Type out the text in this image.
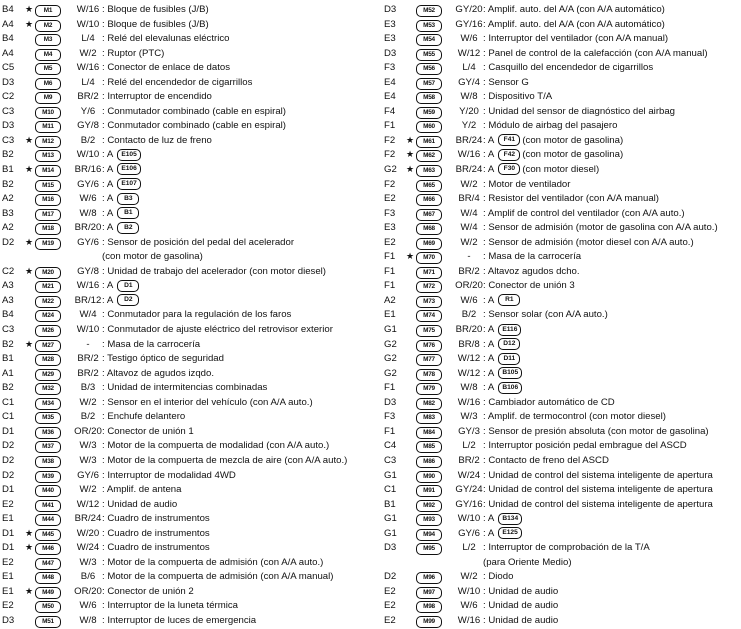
B4 ★	M1	W/16 : Bloque de fusibles (J/B)
A4 ★	M2	W/10 : Bloque de fusibles (J/B)
B4	M3	L/4 : Relé del elevalunas eléctrico
A4	M4	W/2 : Ruptor (PTC)
C5	M5	W/16 : Conector de enlace de datos
D3	M6	L/4 : Relé del encendedor de cigarrillos
C2	M9	BR/2 : Interruptor de encendido
C3	M10	Y/6 : Conmutador combinado (cable en espiral)
D3	M11	GY/8 : Conmutador combinado (cable en espiral)
C3 ★	M12	B/2 : Contacto de luz de freno
B2	M13	W/10 : A E105
B1 ★	M14	BR/16 : A E106
B2	M15	GY/6 : A E107
A2	M16	W/6 : A B3
B3	M17	W/8 : A B1
A2	M18	BR/20 : A B2
D2 ★	M19	GY/6 : Sensor de posición del pedal del acelerador
(con motor de gasolina)
C2 ★	M20	GY/8 : Unidad de trabajo del acelerador (con motor diesel)
A3	M21	W/16 : A D1
A3	M22	BR/12 : A D2
B4	M24	W/4 : Conmutador para la regulación de los faros
C3	M26	W/10 : Conmutador de ajuste eléctrico del retrovisor exterior
B2 ★	M27	-	: Masa de la carrocería
B1	M28	BR/2 : Testigo óptico de seguridad
A1	M29	BR/2 : Altavoz de agudos izqdo.
B2	M32	B/3 : Unidad de intermitencias combinadas
C1	M34	W/2 : Sensor en el interior del vehículo (con A/A auto.)
C1	M35	B/2 : Enchufe delantero
D1	M36	OR/20 : Conector de unión 1
D2	M37	W/3 : Motor de la compuerta de modalidad (con A/A auto.)
D2	M38	W/3 : Motor de la compuerta de mezcla de aire (con A/A auto.)
D2	M39	GY/6 : Interruptor de modalidad 4WD
D1	M40	W/2 : Amplif. de antena
E2	M41	W/12 : Unidad de audio
E1	M44	BR/24 : Cuadro de instrumentos
D1 ★	M45	W/20 : Cuadro de instrumentos
D1 ★	M46	W/24 : Cuadro de instrumentos
E2	M47	W/3 : Motor de la compuerta de admisión (con A/A auto.)
E1	M48	B/6 : Motor de la compuerta de admisión (con A/A manual)
E1 ★	M49	OR/20 : Conector de unión 2
E2	M50	W/6 : Interruptor de la luneta térmica
D3	M51	W/8 : Interruptor de luces de emergencia
D3	M52	GY/20 : Amplif. auto. del A/A (con A/A automático)
E3	M53	GY/16 : Amplif. auto. del A/A (con A/A automático)
E3	M54	W/6 : Interruptor del ventilador (con A/A manual)
D3	M55	W/12 : Panel de control de la calefacción (con A/A manual)
F3	M56	L/4 : Casquillo del encendedor de cigarrillos
E4	M57	GY/4 : Sensor G
E4	M58	W/8 : Dispositivo T/A
F4	M59	Y/20 : Unidad del sensor de diagnóstico del airbag
F1	M60	Y/2 : Módulo de airbag del pasajero
F2 ★	M61	BR/24 : A F41 (con motor de gasolina)
F2 ★	M62	W/16 : A F42 (con motor de gasolina)
G2 ★	M63	BR/24 : A F30 (con motor diesel)
F2	M65	W/2 : Motor de ventilador
E2	M66	BR/4 : Resistor del ventilador (con A/A manual)
F3	M67	W/4 : Amplif de control del ventilador (con A/A auto.)
E3	M68	W/4 : Sensor de admisión (motor de gasolina con A/A auto.)
E2	M69	W/2 : Sensor de admisión (motor diesel con A/A auto.)
F1 ★	M70	-	: Masa de la carrocería
F1	M71	BR/2 : Altavoz agudos dcho.
F1	M72	OR/20 : Conector de unión 3
A2	M73	W/6 : A R1
E1	M74	B/2 : Sensor solar (con A/A auto.)
G1	M75	BR/20 : A E116
G2	M76	BR/8 : A D12
G2	M77	W/12 : A D11
G2	M78	W/12 : A B105
F1	M79	W/8 : A B106
D3	M82	W/16 : Cambiador automático de CD
F3	M83	W/3 : Amplif. de termocontrol (con motor diesel)
F1	M84	GY/3 : Sensor de presión absoluta (con motor de gasolina)
C4	M85	L/2 : Interruptor posición pedal embrague del ASCD
C3	M86	BR/2 : Contacto de freno del ASCD
G1	M90	W/24 : Unidad de control del sistema inteligente de apertura
C1	M91	GY/24 : Unidad de control del sistema inteligente de apertura
B1	M92	GY/16 : Unidad de control del sistema inteligente de apertura
G1	M93	W/10 : A B134
G1	M94	GY/6 : A E125
D3	M95	L/2 : Interruptor de comprobación de la T/A
(para Oriente Medio)
D2	M96	W/2 : Diodo
E2	M97	W/10 : Unidad de audio
E2	M98	W/6 : Unidad de audio
E2	M99	W/16 : Unidad de audio
